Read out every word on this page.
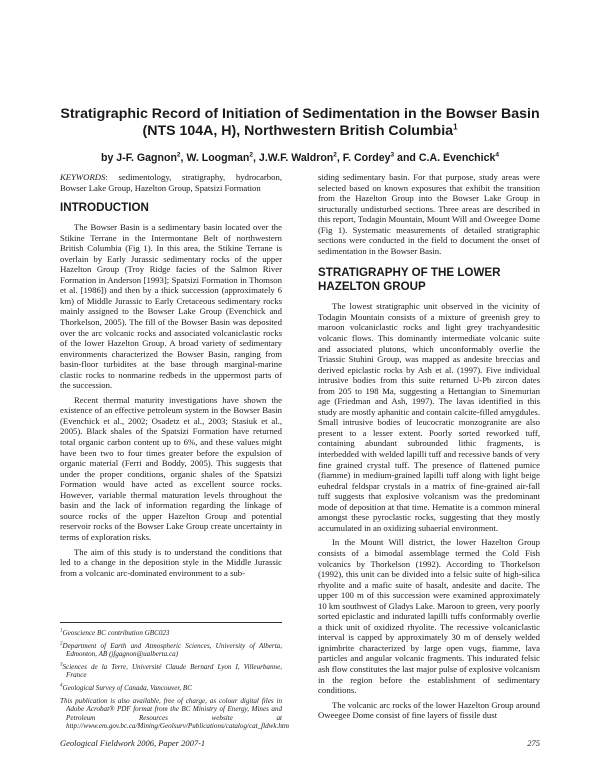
Stratigraphic Record of Initiation of Sedimentation in the Bowser Basin
(NTS 104A, H), Northwestern British Columbia$^1$
by J-F. Gagnon$^2$, W. Loogman$^2$, J.W.F. Waldron$^2$, F. Cordey$^3$ and C.A. Evenchick$^4$

KEYWORDS: sedimentology, stratigraphy, hydrocarbon, Bowser Lake Group, Hazelton Group, Spatsizi Formation

INTRODUCTION

The Bowser Basin is a sedimentary basin located over the Stikine Terrane in the Intermontane Belt of northwestern British Columbia (Fig 1). In this area, the Stikine Terrane is overlain by Early Jurassic sedimentary rocks of the upper Hazelton Group (Troy Ridge facies of the Salmon River Formation in Anderson [1993]; Spatsizi Formation in Thomson et al. [1986]) and then by a thick succession (approximately 6 km) of Middle Jurassic to Early Cretaceous sedimentary rocks mainly assigned to the Bowser Lake Group (Evenchick and Thorkelson, 2005). The fill of the Bowser Basin was deposited over the arc volcanic rocks and associated volcaniclastic rocks of the lower Hazelton Group. A broad variety of sedimentary environments characterized the Bowser Basin, ranging from basin-floor turbidites at the base through marginal-marine clastic rocks to nonmarine redbeds in the uppermost parts of the succession.

Recent thermal maturity investigations have shown the existence of an effective petroleum system in the Bowser Basin (Evenchick et al., 2002; Osadetz et al., 2003; Stasiuk et al., 2005). Black shales of the Spatsizi Formation have returned total organic carbon content up to 6%, and these values might have been two to four times greater before the expulsion of organic material (Ferri and Boddy, 2005). This suggests that under the proper conditions, organic shales of the Spatsizi Formation would have acted as excellent source rocks. However, variable thermal maturation levels throughout the basin and the lack of information regarding the linkage of source rocks of the upper Hazelton Group and potential reservoir rocks of the Bowser Lake Group create uncertainty in terms of exploration risks.

The aim of this study is to understand the conditions that led to a change in the deposition style in the Middle Jurassic from a volcanic arc-dominated environment to a sub-

$^1$Geoscience BC contribution GBC023

$^2$Department of Earth and Atmospheric Sciences, University of Alberta, Edmonton, AB (jfgagnon@ualberta.ca)

$^3$Sciences de la Terre, Université Claude Bernard Lyon I, Villeurbanne, France

$^4$Geological Survey of Canada, Vancouver, BC

This publication is also available, free of charge, as colour digital files in Adobe Acrobat® PDF format from the BC Ministry of Energy, Mines and Petroleum Resources website at http://www.em.gov.bc.ca/Mining/Geolsurv/Publications/catalog/cat_fldwk.htm

siding sedimentary basin. For that purpose, study areas were selected based on known exposures that exhibit the transition from the Hazelton Group into the Bowser Lake Group in structurally undisturbed sections. Three areas are described in this report, Todagin Mountain, Mount Will and Oweegee Dome (Fig 1). Systematic measurements of detailed stratigraphic sections were conducted in the field to document the onset of sedimentation in the Bowser Basin.

STRATIGRAPHY OF THE LOWER
HAZELTON GROUP

The lowest stratigraphic unit observed in the vicinity of Todagin Mountain consists of a mixture of greenish grey to maroon volcaniclastic rocks and light grey trachyandesitic volcanic flows. This dominantly intermediate volcanic suite and associated plutons, which unconformably overlie the Triassic Stuhini Group, was mapped as andesite breccias and derived epiclastic rocks by Ash et al. (1997). Five individual intrusive bodies from this suite returned U-Pb zircon dates from 205 to 198 Ma, suggesting a Hettangian to Sinemurian age (Friedman and Ash, 1997). The lavas identified in this study are mostly aphanitic and contain calcite-filled amygdules. Small intrusive bodies of leucocratic monzogranite are also present to a lesser extent. Poorly sorted reworked tuff, containing abundant subrounded lithic fragments, is interbedded with welded lapilli tuff and recessive bands of very fine grained crystal tuff. The presence of flattened pumice (fiamme) in medium-grained lapilli tuff along with light beige euhedral feldspar crystals in a matrix of fine-grained air-fall tuff suggests that explosive volcanism was the predominant mode of deposition at that time. Hematite is a common mineral amongst these pyroclastic rocks, suggesting that they mostly accumulated in an oxidizing subaerial environment.

In the Mount Will district, the lower Hazelton Group consists of a bimodal assemblage termed the Cold Fish volcanics by Thorkelson (1992). According to Thorkelson (1992), this unit can be divided into a felsic suite of high-silica rhyolite and a mafic suite of basalt, andesite and dacite. The upper 100 m of this succession were examined approximately 10 km southwest of Gladys Lake. Maroon to green, very poorly sorted epiclastic and indurated lapilli tuffs conformably overlie a thick unit of oxidized rhyolite. The recessive volcaniclastic interval is capped by approximately 30 m of densely welded ignimbrite characterized by large open vugs, fiamme, lava particles and angular volcanic fragments. This indurated felsic ash flow constitutes the last major pulse of explosive volcanism in the region before the establishment of sedimentary conditions.

The volcanic arc rocks of the lower Hazelton Group around Oweegee Dome consist of fine layers of fissile dust

Geological Fieldwork 2006, Paper 2007-1	275
